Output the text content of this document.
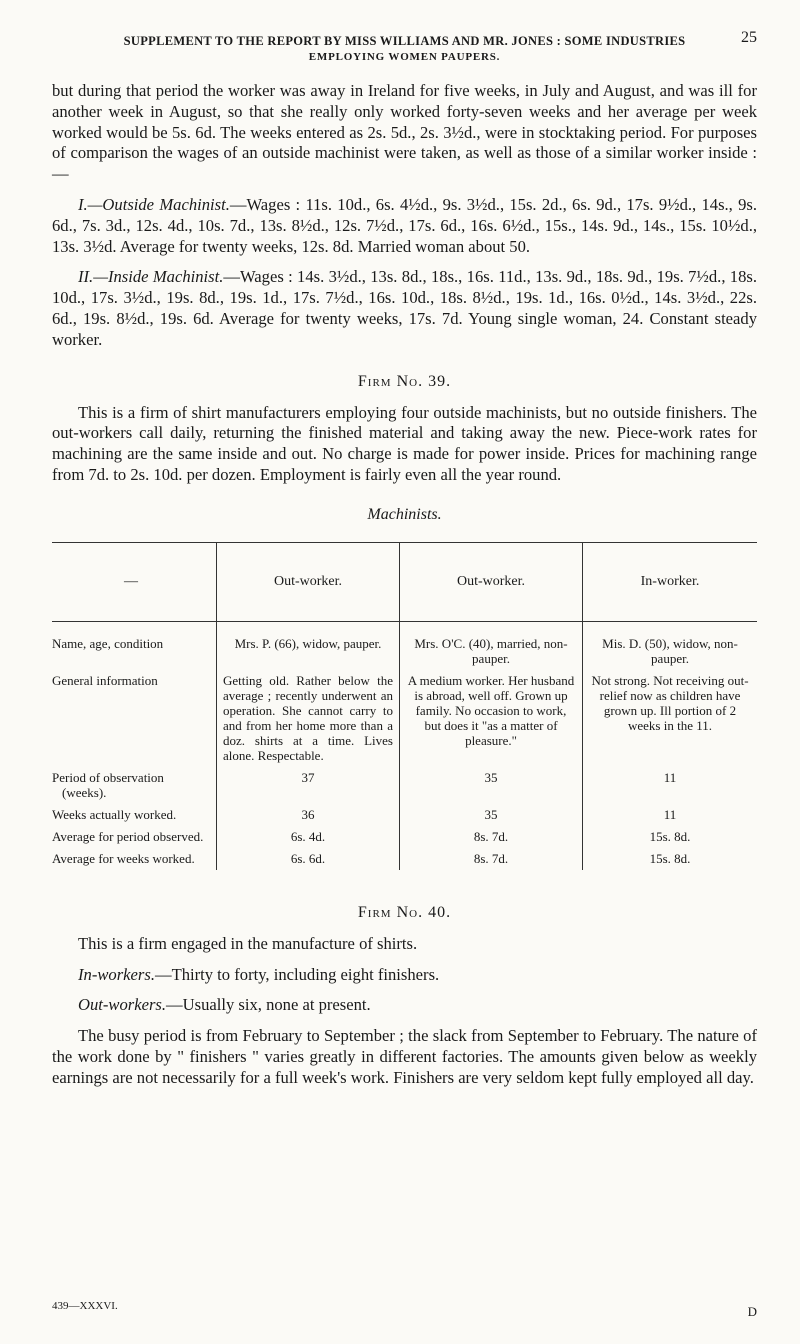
SUPPLEMENT TO THE REPORT BY MISS WILLIAMS AND MR. JONES : SOME INDUSTRIES
EMPLOYING WOMEN PAUPERS.
25

but during that period the worker was away in Ireland for five weeks, in July and August, and was ill for another week in August, so that she really only worked forty-seven weeks and her average per week worked would be 5s. 6d. The weeks entered as 2s. 5d., 2s. 3½d., were in stocktaking period. For purposes of comparison the wages of an outside machinist were taken, as well as those of a similar worker inside :—

I.—Outside Machinist.—Wages : 11s. 10d., 6s. 4½d., 9s. 3½d., 15s. 2d., 6s. 9d., 17s. 9½d., 14s., 9s. 6d., 7s. 3d., 12s. 4d., 10s. 7d., 13s. 8½d., 12s. 7½d., 17s. 6d., 16s. 6½d., 15s., 14s. 9d., 14s., 15s. 10½d., 13s. 3½d. Average for twenty weeks, 12s. 8d. Married woman about 50.

II.—Inside Machinist.—Wages : 14s. 3½d., 13s. 8d., 18s., 16s. 11d., 13s. 9d., 18s. 9d., 19s. 7½d., 18s. 10d., 17s. 3½d., 19s. 8d., 19s. 1d., 17s. 7½d., 16s. 10d., 18s. 8½d., 19s. 1d., 16s. 0½d., 14s. 3½d., 22s. 6d., 19s. 8½d., 19s. 6d. Average for twenty weeks, 17s. 7d. Young single woman, 24. Constant steady worker.

Firm No. 39.

This is a firm of shirt manufacturers employing four outside machinists, but no outside finishers. The out-workers call daily, returning the finished material and taking away the new. Piece-work rates for machining are the same inside and out. No charge is made for power inside. Prices for machining range from 7d. to 2s. 10d. per dozen. Employment is fairly even all the year round.

Machinists.
—	Out-worker.	Out-worker.	In-worker.
Name, age, condition	Mrs. P. (66), widow, pauper.	Mrs. O'C. (40), married, non-pauper.	Mis. D. (50), widow, non-pauper.
General information	Getting old. Rather below the average ; recently underwent an operation. She cannot carry to and from her home more than a doz. shirts at a time. Lives alone. Respectable.	A medium worker. Her husband is abroad, well off. Grown up family. No occasion to work, but does it "as a matter of pleasure."	Not strong. Not receiving out-relief now as children have grown up. Ill portion of 2 weeks in the 11.
Period of observation (weeks).	37	35	11
Weeks actually worked.	36	35	11
Average for period observed.	6s. 4d.	8s. 7d.	15s. 8d.
Average for weeks worked.	6s. 6d.	8s. 7d.	15s. 8d.
Firm No. 40.

This is a firm engaged in the manufacture of shirts.

In-workers.—Thirty to forty, including eight finishers.

Out-workers.—Usually six, none at present.

The busy period is from February to September ; the slack from September to February. The nature of the work done by " finishers " varies greatly in different factories. The amounts given below as weekly earnings are not necessarily for a full week's work. Finishers are very seldom kept fully employed all day.

439—XXXVI.	D
